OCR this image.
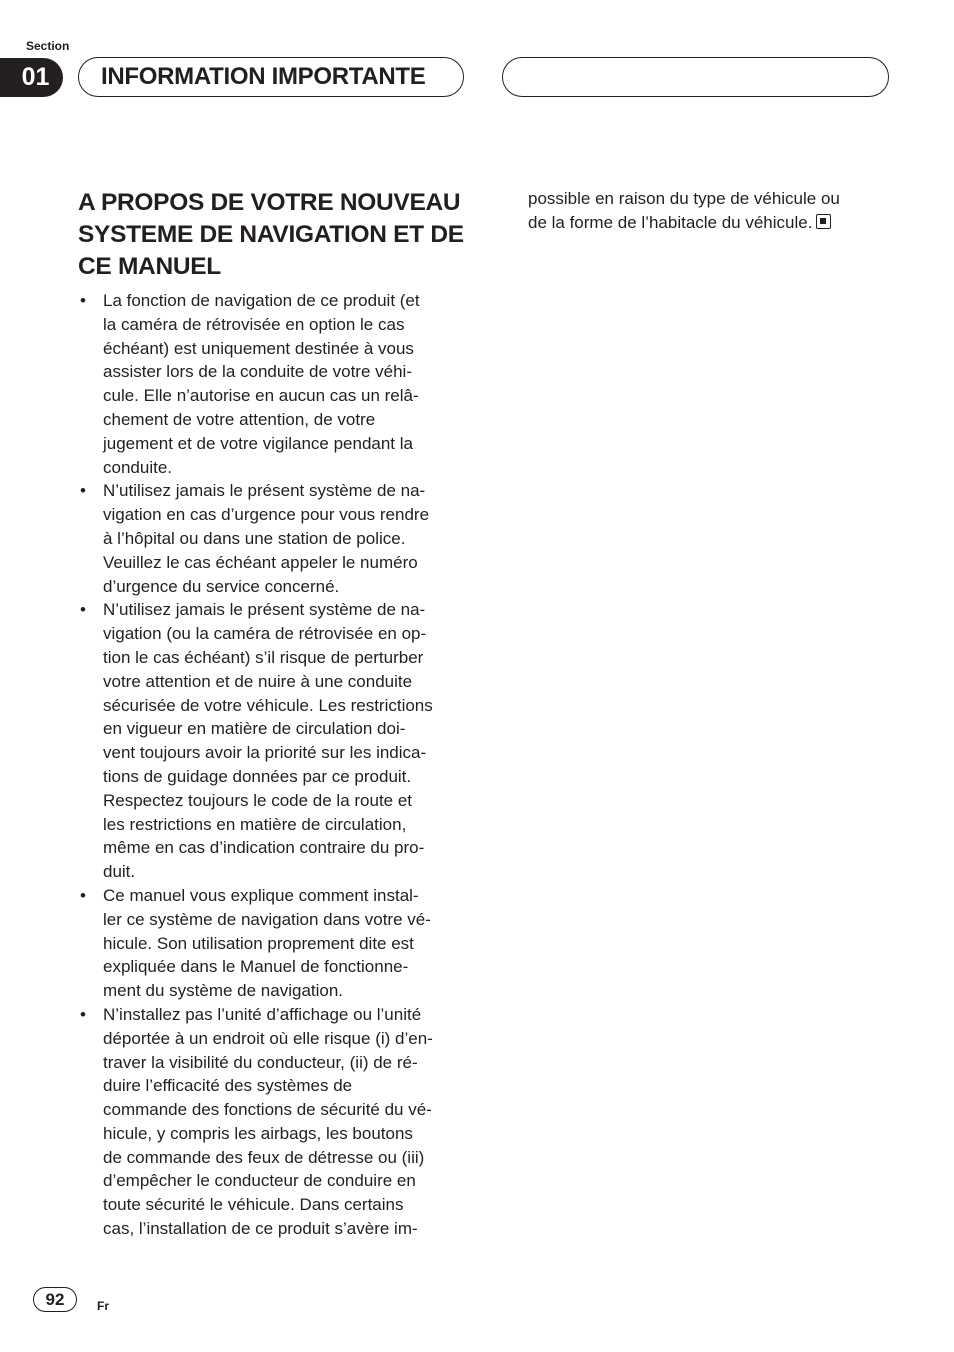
Section
01	INFORMATION IMPORTANTE
A PROPOS DE VOTRE NOUVEAU SYSTEME DE NAVIGATION ET DE CE MANUEL
• La fonction de navigation de ce produit (et
la caméra de rétrovisée en option le cas
échéant) est uniquement destinée à vous
assister lors de la conduite de votre véhi-
cule. Elle n’autorise en aucun cas un relâ-
chement de votre attention, de votre
jugement et de votre vigilance pendant la
conduite.
• N’utilisez jamais le présent système de na-
vigation en cas d’urgence pour vous rendre
à l’hôpital ou dans une station de police.
Veuillez le cas échéant appeler le numéro
d’urgence du service concerné.
• N’utilisez jamais le présent système de na-
vigation (ou la caméra de rétrovisée en op-
tion le cas échéant) s’il risque de perturber
votre attention et de nuire à une conduite
sécurisée de votre véhicule. Les restrictions
en vigueur en matière de circulation doi-
vent toujours avoir la priorité sur les indica-
tions de guidage données par ce produit.
Respectez toujours le code de la route et
les restrictions en matière de circulation,
même en cas d’indication contraire du pro-
duit.
• Ce manuel vous explique comment instal-
ler ce système de navigation dans votre vé-
hicule. Son utilisation proprement dite est
expliquée dans le Manuel de fonctionne-
ment du système de navigation.
• N’installez pas l’unité d’affichage ou l’unité
déportée à un endroit où elle risque (i) d’en-
traver la visibilité du conducteur, (ii) de ré-
duire l’efficacité des systèmes de
commande des fonctions de sécurité du vé-
hicule, y compris les airbags, les boutons
de commande des feux de détresse ou (iii)
d’empêcher le conducteur de conduire en
toute sécurité le véhicule. Dans certains
cas, l’installation de ce produit s’avère im-

possible en raison du type de véhicule ou
de la forme de l’habitacle du véhicule.

92	Fr
